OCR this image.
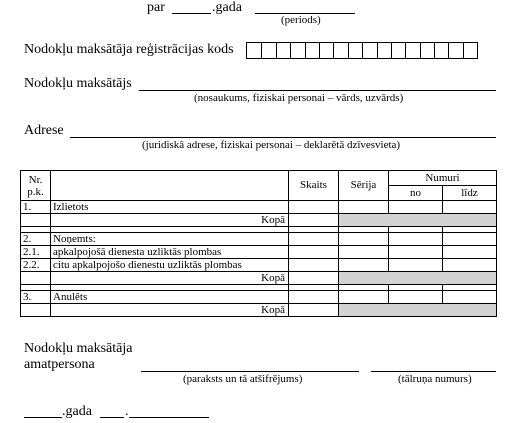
par	.gada
(periods)
Nodokļu maksātāja reģistrācijas kods
Nodokļu maksātājs
(nosaukums, fiziskai personai – vārds, uzvārds)
Adrese
(juridiskā adrese, fiziskai personai – deklarētā dzīvesvieta)
Nr.
p.k.		Skaits	Sērija	Numuri	
				no	līdz
1.	Izlietots				
	Kopā				

2.	Noņemts:				
2.1.	apkalpojošā dienesta uzliktās plombas				
2.2.	citu apkalpojošo dienestu uzliktās plombas				
	Kopā				

3.	Anulēts				
	Kopā				
Nodokļu maksātāja
amatpersona
(paraksts un tā atšifrējums)	(tālruņa numurs)
.gada .
